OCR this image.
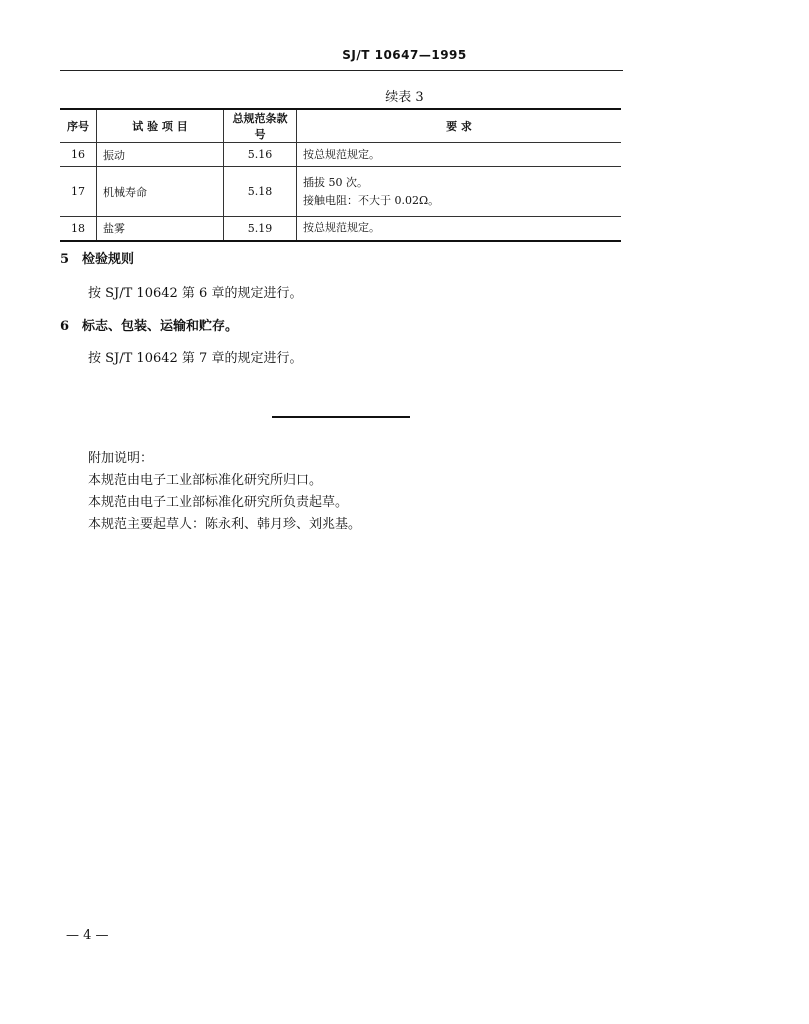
SJ/T 10647—1995
续表 3
序号	试 验 项 目	总规范条款号	要 求
16	振动	5.16	按总规范规定。

17	机械寿命	5.18	插拔 50 次。
接触电阻：不大于 0.02Ω。

18	盐雾	5.19	按总规范规定。
5 检验规则
按 SJ/T 10642 第 6 章的规定进行。
6 标志、包装、运输和贮存。
按 SJ/T 10642 第 7 章的规定进行。
附加说明：
本规范由电子工业部标准化研究所归口。
本规范由电子工业部标准化研究所负责起草。
本规范主要起草人：陈永利、韩月珍、刘兆基。
— 4 —
